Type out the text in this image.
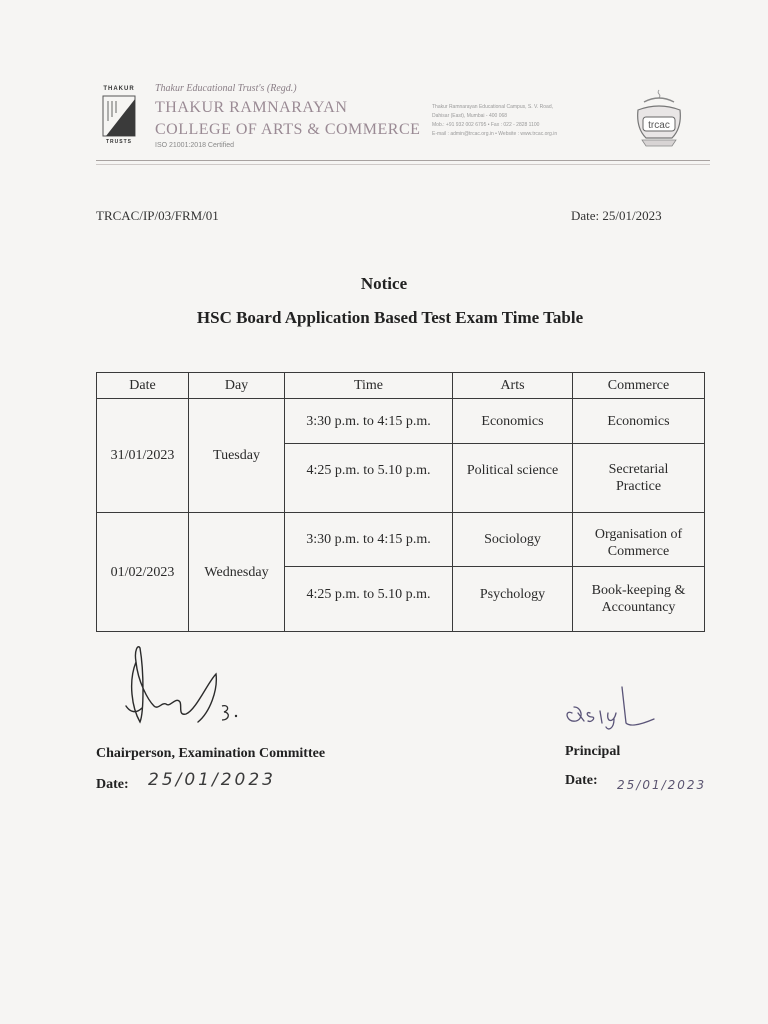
THAKUR
TRUSTS
Thakur Educational Trust's (Regd.)
THAKUR RAMNARAYAN
COLLEGE OF ARTS & COMMERCE
ISO 21001:2018 Certified
Thakur Ramnarayan Educational Campus, S. V. Road,
Dahisar (East), Mumbai - 400 068
Mob.: +91 932 002 6795 • Fax : 022 - 2828 1100
E-mail : admin@trcac.org.in • Website : www.trcac.org.in
trcac
TRCAC/IP/03/FRM/01	Date: 25/01/2023
Notice
HSC Board Application Based Test Exam Time Table
Date	Day	Time	Arts	Commerce
31/01/2023	Tuesday
3:30 p.m. to 4:15 p.m.	Economics	Economics
4:25 p.m. to 5.10 p.m.	Political science	Secretarial
Practice
01/02/2023	Wednesday
3:30 p.m. to 4:15 p.m.	Sociology	Organisation of
Commerce
4:25 p.m. to 5.10 p.m.	Psychology	Book-keeping &
Accountancy
Chairperson, Examination Committee
Date: 25/01/2023
Principal
Date: 25/01/2023
